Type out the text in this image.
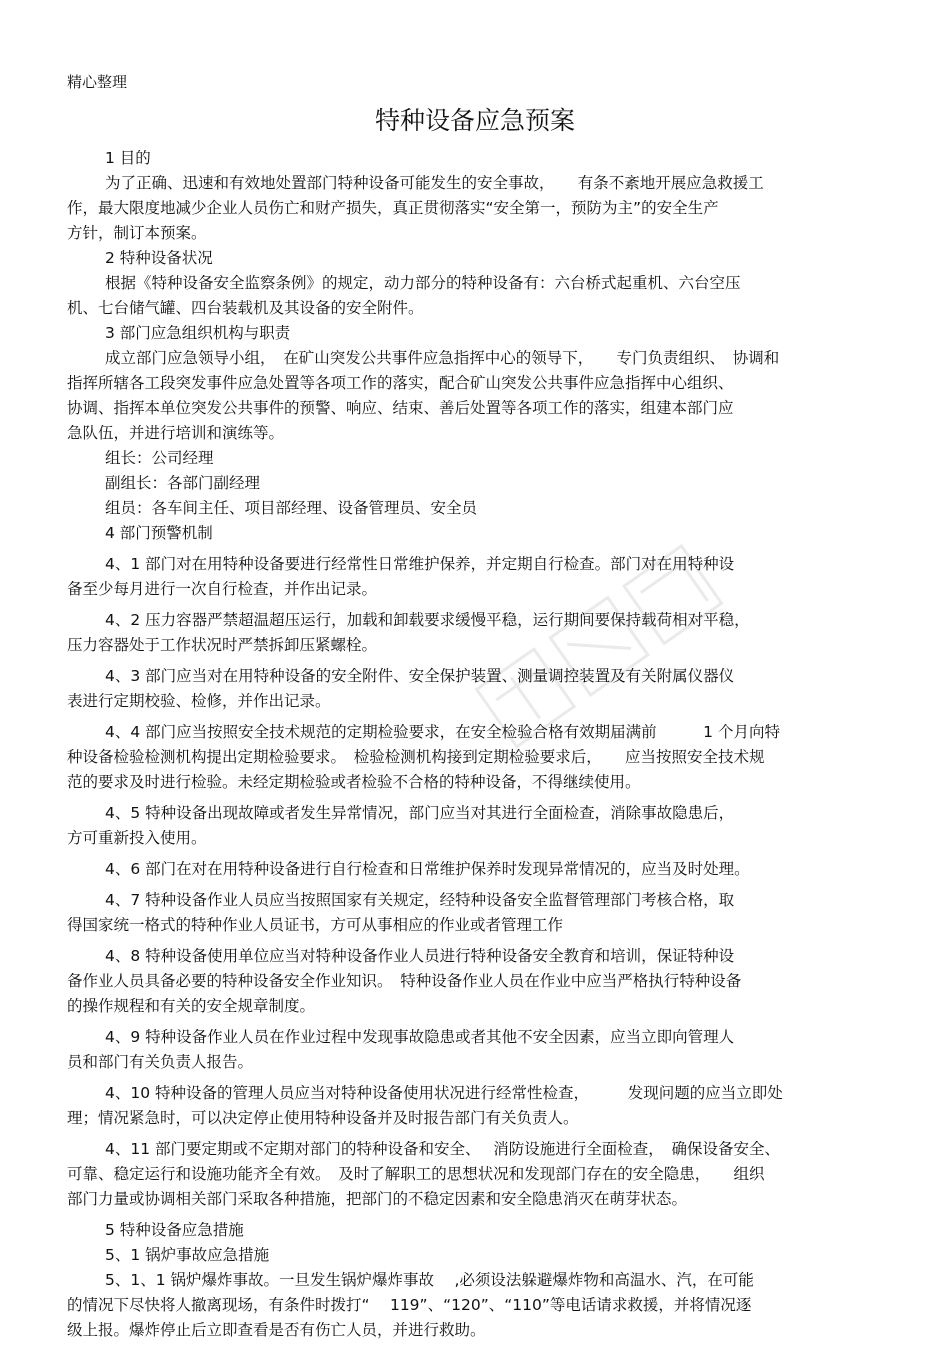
精心整理
特种设备应急预案
1 目的
为了正确、迅速和有效地处置部门特种设备可能发生的安全事故，　　有条不紊地开展应急救援工
作，最大限度地减少企业人员伤亡和财产损失，真正贯彻落实“安全第一，预防为主”的安全生产
方针，制订本预案。
2 特种设备状况
根据《特种设备安全监察条例》的规定，动力部分的特种设备有：六台桥式起重机、六台空压
机、七台储气罐、四台装载机及其设备的安全附件。
3 部门应急组织机构与职责
成立部门应急领导小组，　在矿山突发公共事件应急指挥中心的领导下，　　专门负责组织、　协调和
指挥所辖各工段突发事件应急处置等各项工作的落实，配合矿山突发公共事件应急指挥中心组织、
协调、指挥本单位突发公共事件的预警、响应、结束、善后处置等各项工作的落实，组建本部门应
急队伍，并进行培训和演练等。
组长：公司经理
副组长：各部门副经理
组员：各车间主任、项目部经理、设备管理员、安全员
4 部门预警机制
4、1 部门对在用特种设备要进行经常性日常维护保养，并定期自行检查。部门对在用特种设
备至少每月进行一次自行检查，并作出记录。
4、2 压力容器严禁超温超压运行，加载和卸载要求缓慢平稳，运行期间要保持载荷相对平稳，
压力容器处于工作状况时严禁拆卸压紧螺栓。
4、3 部门应当对在用特种设备的安全附件、安全保护装置、测量调控装置及有关附属仪器仪
表进行定期校验、检修，并作出记录。
4、4 部门应当按照安全技术规范的定期检验要求，在安全检验合格有效期届满前　　　1 个月向特
种设备检验检测机构提出定期检验要求。　检验检测机构接到定期检验要求后，　　应当按照安全技术规
范的要求及时进行检验。未经定期检验或者检验不合格的特种设备，不得继续使用。
4、5 特种设备出现故障或者发生异常情况，部门应当对其进行全面检查，消除事故隐患后，
方可重新投入使用。
4、6 部门在对在用特种设备进行自行检查和日常维护保养时发现异常情况的，应当及时处理。
4、7 特种设备作业人员应当按照国家有关规定，经特种设备安全监督管理部门考核合格，取
得国家统一格式的特种作业人员证书，方可从事相应的作业或者管理工作
4、8 特种设备使用单位应当对特种设备作业人员进行特种设备安全教育和培训，保证特种设
备作业人员具备必要的特种设备安全作业知识。　特种设备作业人员在作业中应当严格执行特种设备
的操作规程和有关的安全规章制度。
4、9 特种设备作业人员在作业过程中发现事故隐患或者其他不安全因素，应当立即向管理人
员和部门有关负责人报告。
4、10 特种设备的管理人员应当对特种设备使用状况进行经常性检查，　　　发现问题的应当立即处
理；情况紧急时，可以决定停止使用特种设备并及时报告部门有关负责人。
4、11 部门要定期或不定期对部门的特种设备和安全、　 消防设施进行全面检查，　确保设备安全、
可靠、稳定运行和设施功能齐全有效。　及时了解职工的思想状况和发现部门存在的安全隐患，　　组织
部门力量或协调相关部门采取各种措施，把部门的不稳定因素和安全隐患消灭在萌芽状态。
5 特种设备应急措施
5、1 锅炉事故应急措施
5、1、1 锅炉爆炸事故。一旦发生锅炉爆炸事故　 ,必须设法躲避爆炸物和高温水、汽，在可能
的情况下尽快将人撤离现场，有条件时拨打“　 119”、“120”、“110”等电话请求救援，并将情况逐
级上报。爆炸停止后立即查看是否有伤亡人员，并进行救助。
